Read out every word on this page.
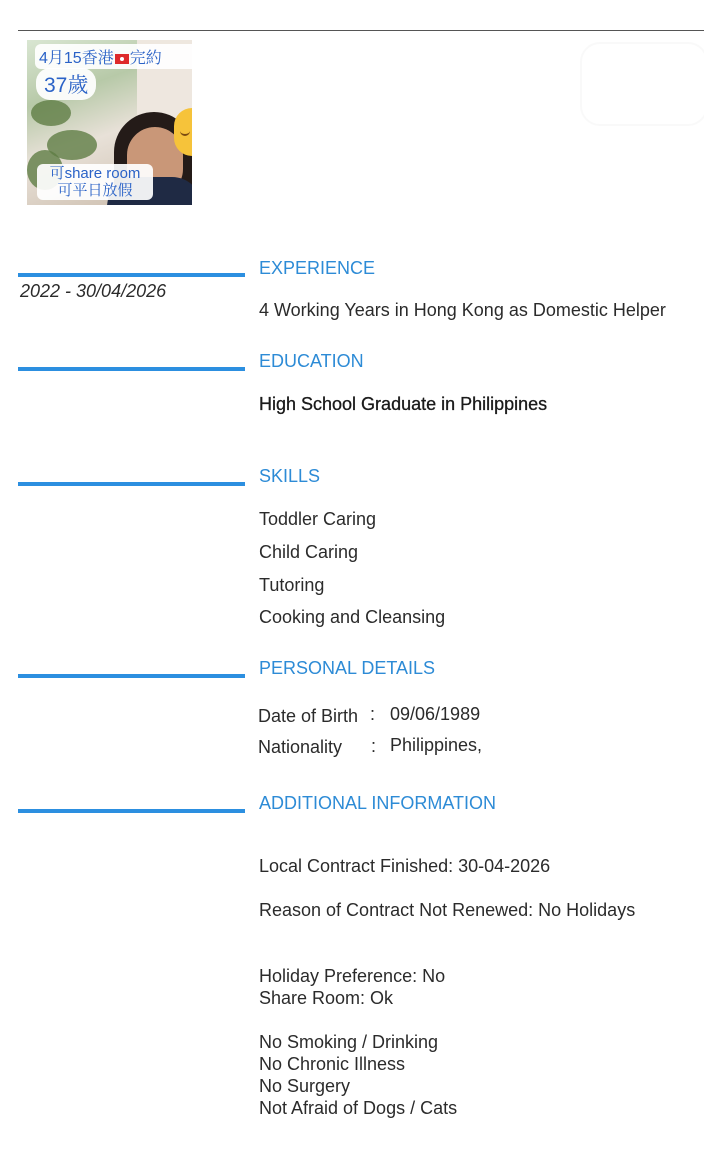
4月15香港 完約
37歲
可share room
可平日放假
EXPERIENCE
2022 - 30/04/2026
4 Working Years in Hong Kong as Domestic Helper
EDUCATION
High School Graduate in Philippines
SKILLS
Toddler Caring
Child Caring
Tutoring
Cooking and Cleansing
PERSONAL DETAILS
Date of Birth : 09/06/1989
Nationality : Philippines,
ADDITIONAL INFORMATION
Local Contract Finished: 30-04-2026
Reason of Contract Not Renewed: No Holidays
Holiday Preference: No
Share Room: Ok
No Smoking / Drinking
No Chronic Illness
No Surgery
Not Afraid of Dogs / Cats
